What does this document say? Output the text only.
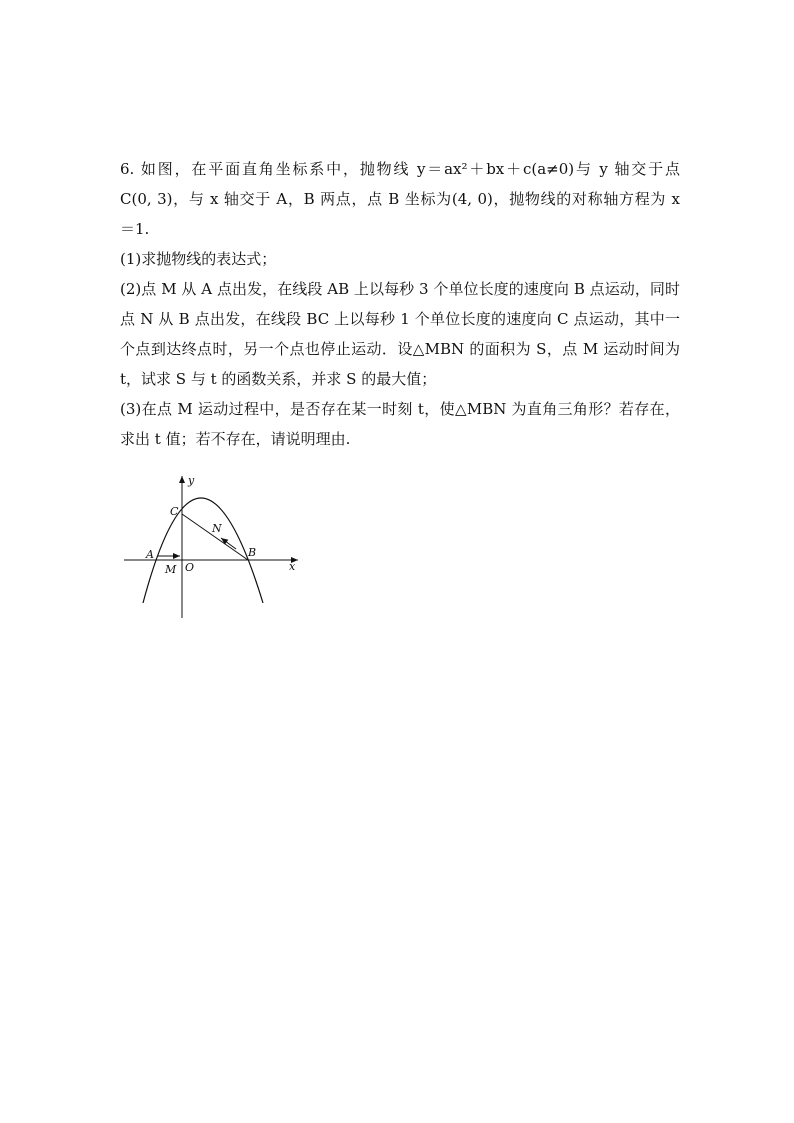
6. 如图，在平面直角坐标系中，抛物线 y＝ax²＋bx＋c(a≠0)与 y 轴交于点
C(0, 3)，与 x 轴交于 A，B 两点，点 B 坐标为(4, 0)，抛物线的对称轴方程为 x
＝1.
(1)求抛物线的表达式；
(2)点 M 从 A 点出发，在线段 AB 上以每秒 3 个单位长度的速度向 B 点运动，同时
点 N 从 B 点出发，在线段 BC 上以每秒 1 个单位长度的速度向 C 点运动，其中一
个点到达终点时，另一个点也停止运动．设△MBN 的面积为 S，点 M 运动时间为
t，试求 S 与 t 的函数关系，并求 S 的最大值；
(3)在点 M 运动过程中，是否存在某一时刻 t，使△MBN 为直角三角形？若存在，
求出 t 值；若不存在，请说明理由.
y
x
C
N
A	B
M O
